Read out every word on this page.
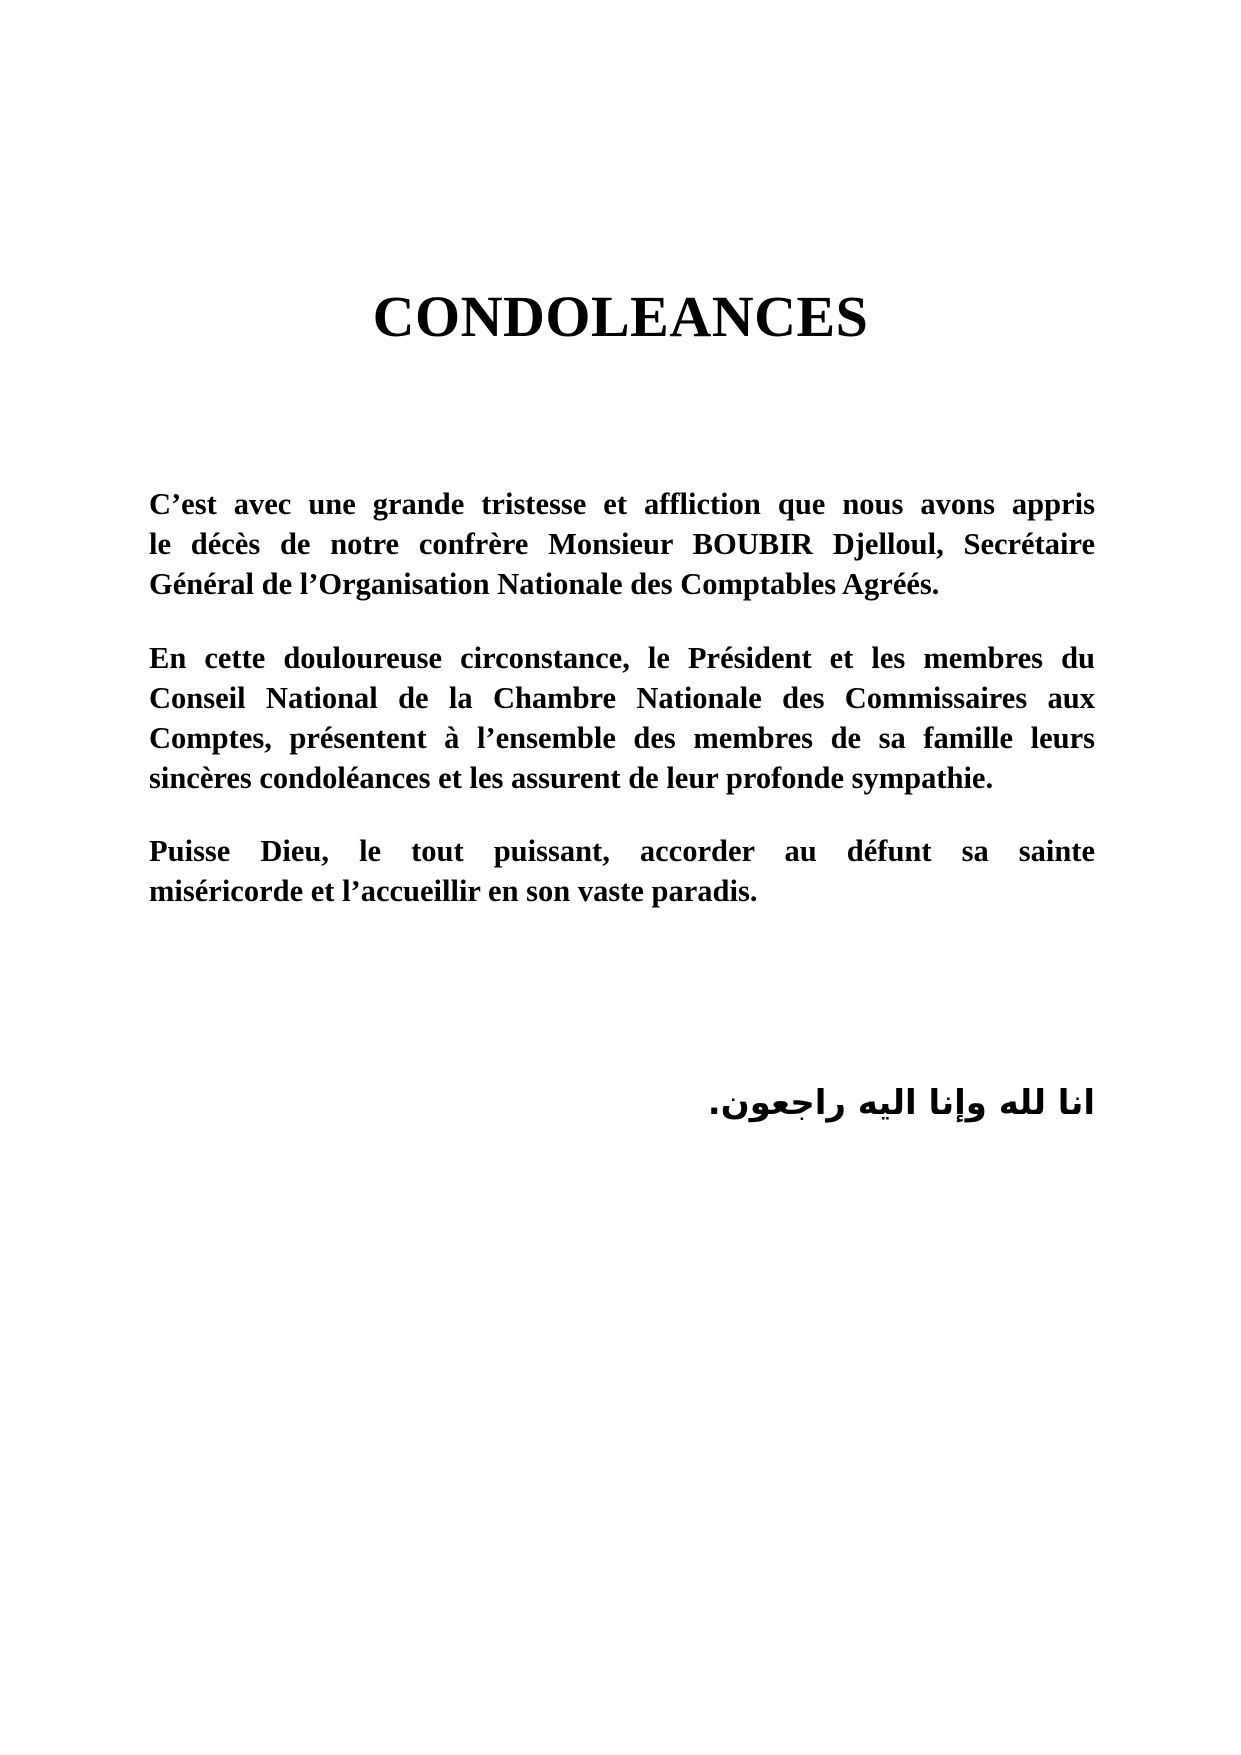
CONDOLEANCES

C’est avec une grande tristesse et affliction que nous avons appris
le décès de notre confrère Monsieur BOUBIR Djelloul, Secrétaire
Général de l’Organisation Nationale des Comptables Agréés.

En cette douloureuse circonstance, le Président et les membres du
Conseil National de la Chambre Nationale des Commissaires aux
Comptes, présentent à l’ensemble des membres de sa famille leurs
sincères condoléances et les assurent de leur profonde sympathie.

Puisse Dieu, le tout puissant, accorder au défunt sa sainte
miséricorde et l’accueillir en son vaste paradis.

انا لله وإنا اليه راجعون.
